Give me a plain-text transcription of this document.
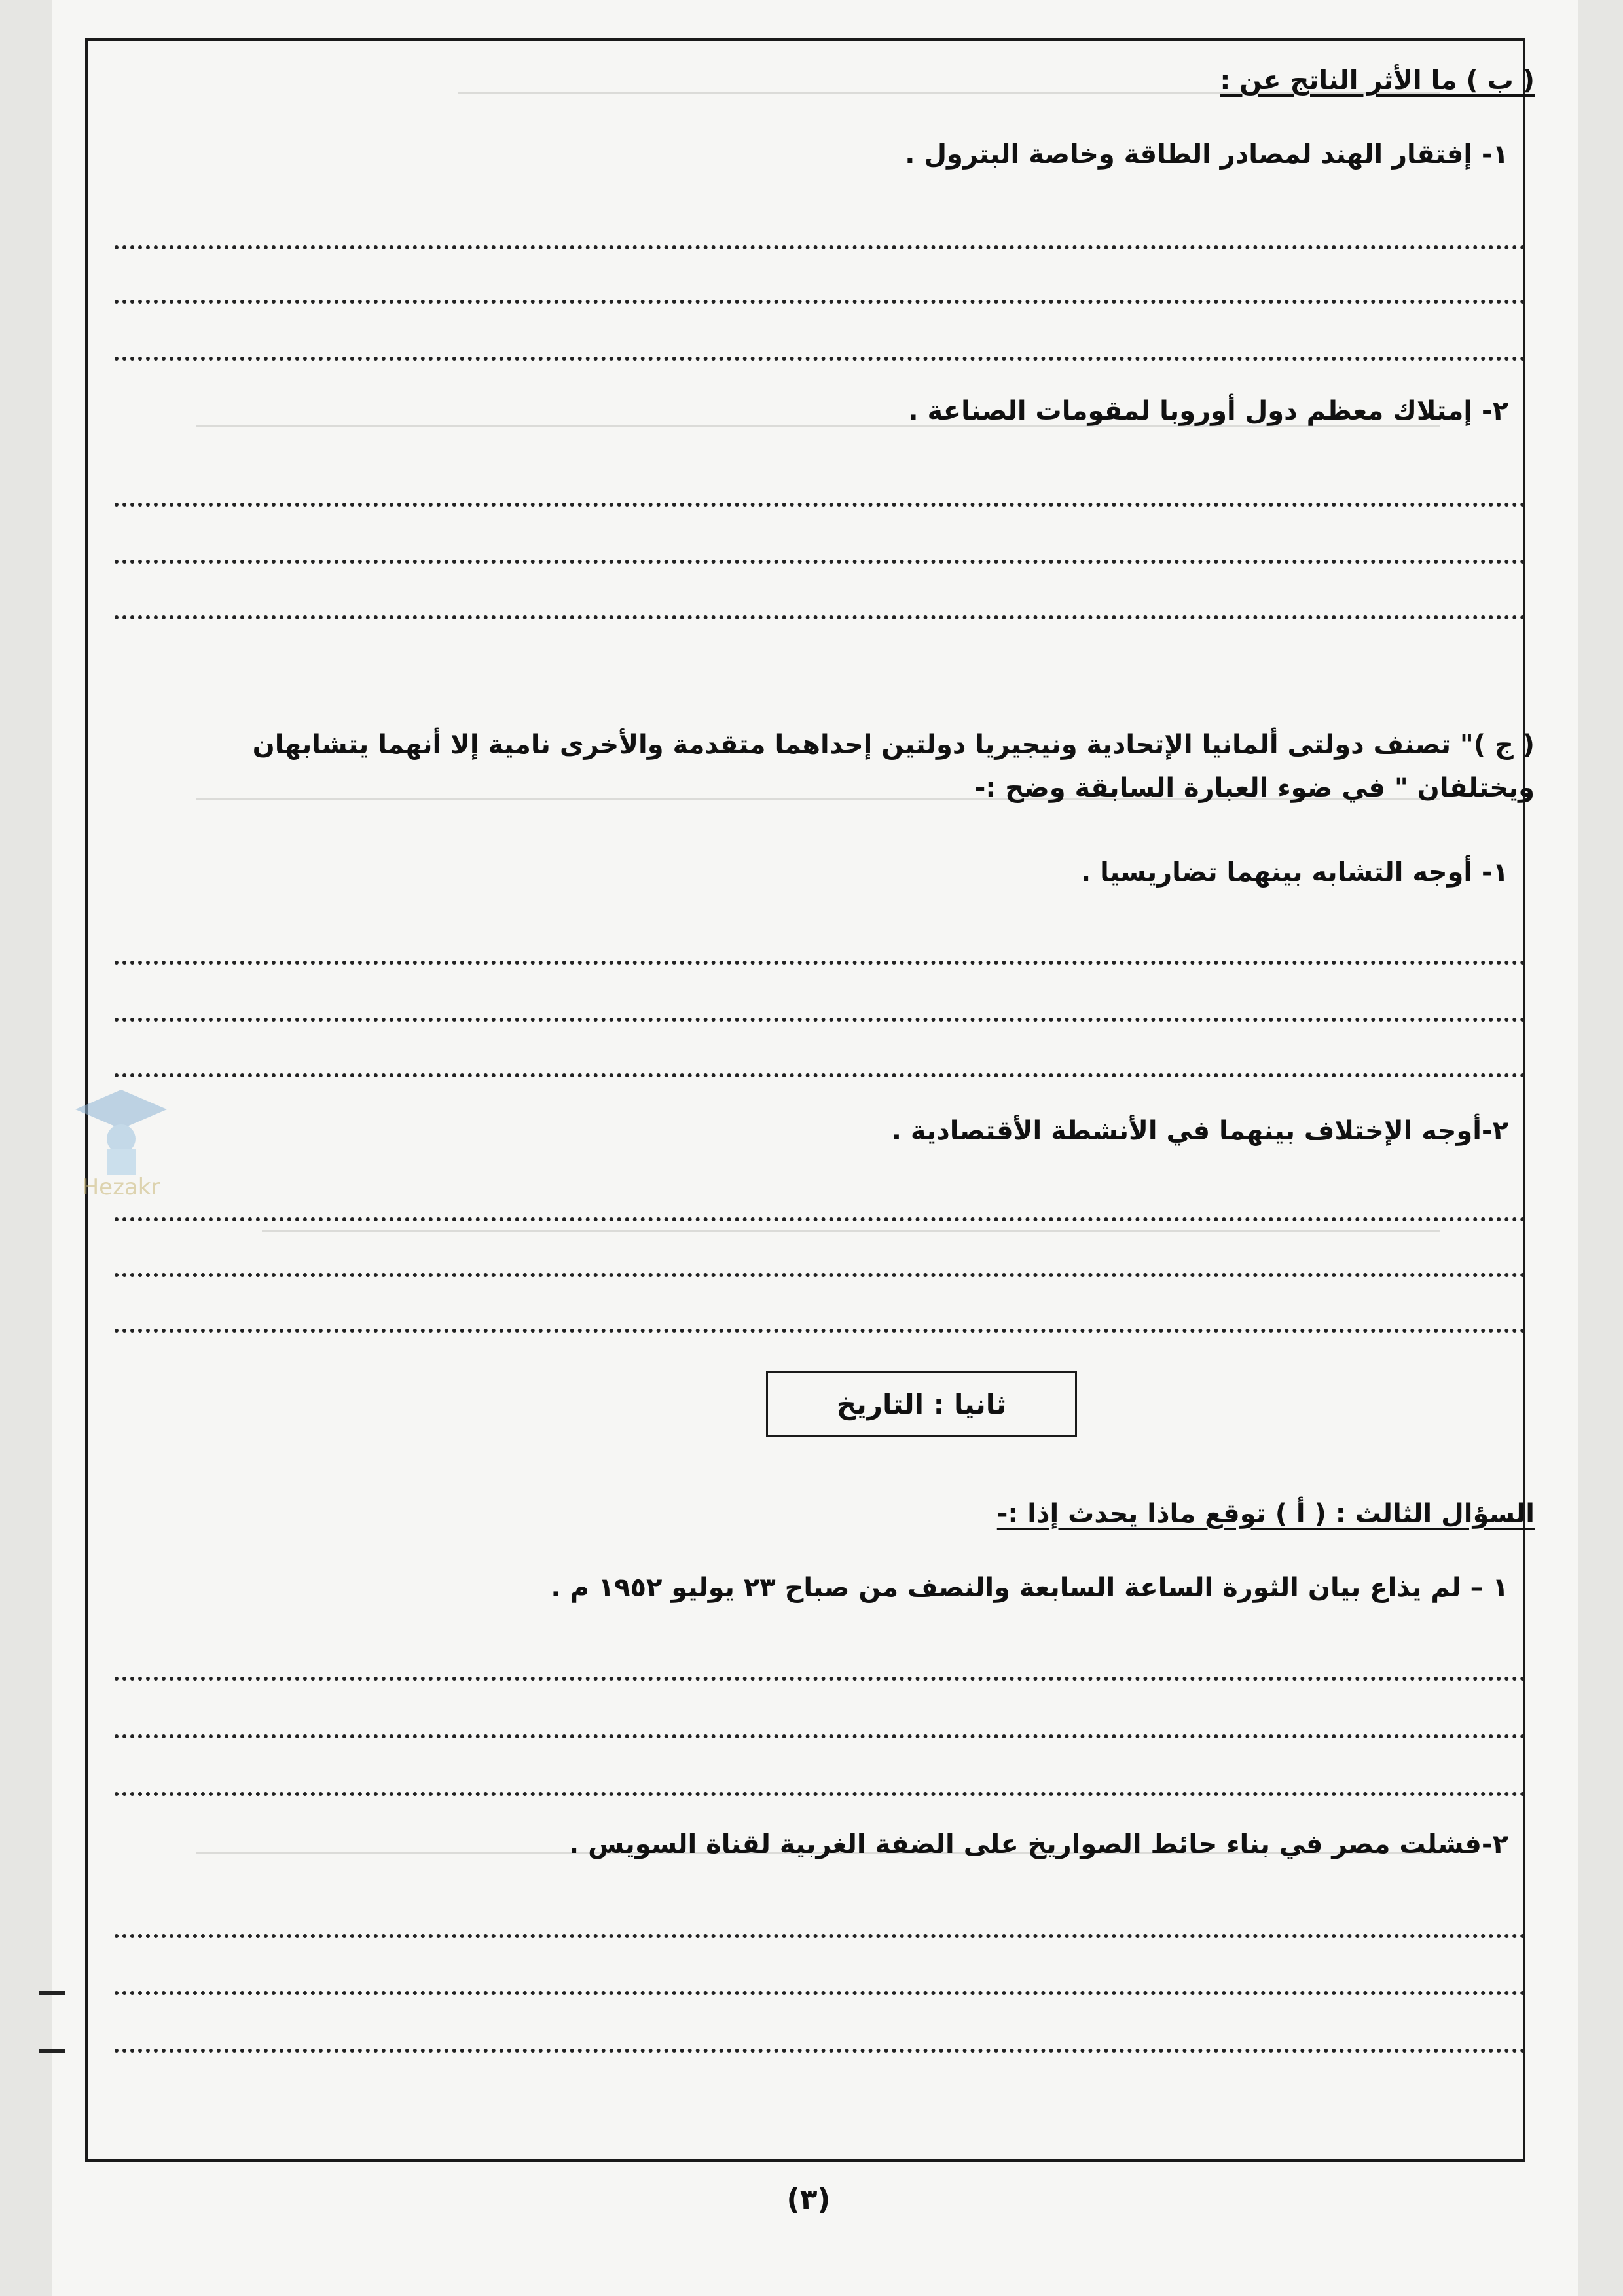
( ب ) ما الأثر الناتج عن :
١- إفتقار الهند لمصادر الطاقة وخاصة البترول .
٢- إمتلاك معظم دول أوروبا لمقومات الصناعة .
( ج )" تصنف دولتى ألمانيا الإتحادية ونيجيريا دولتين إحداهما متقدمة والأخرى نامية إلا أنهما يتشابهان ويختلفان " في ضوء العبارة السابقة وضح :-
١- أوجه التشابه بينهما تضاريسيا .
٢-أوجه الإختلاف بينهما في الأنشطة الأقتصادية .
Hezakr
ثانيا : التاريخ
السؤال الثالث : ( أ ) توقع ماذا يحدث إذا :-
١ – لم يذاع بيان الثورة الساعة السابعة والنصف من صباح ٢٣ يوليو ١٩٥٢ م .
٢-فشلت مصر في بناء حائط الصواريخ على الضفة الغربية لقناة السويس .
(٣)
